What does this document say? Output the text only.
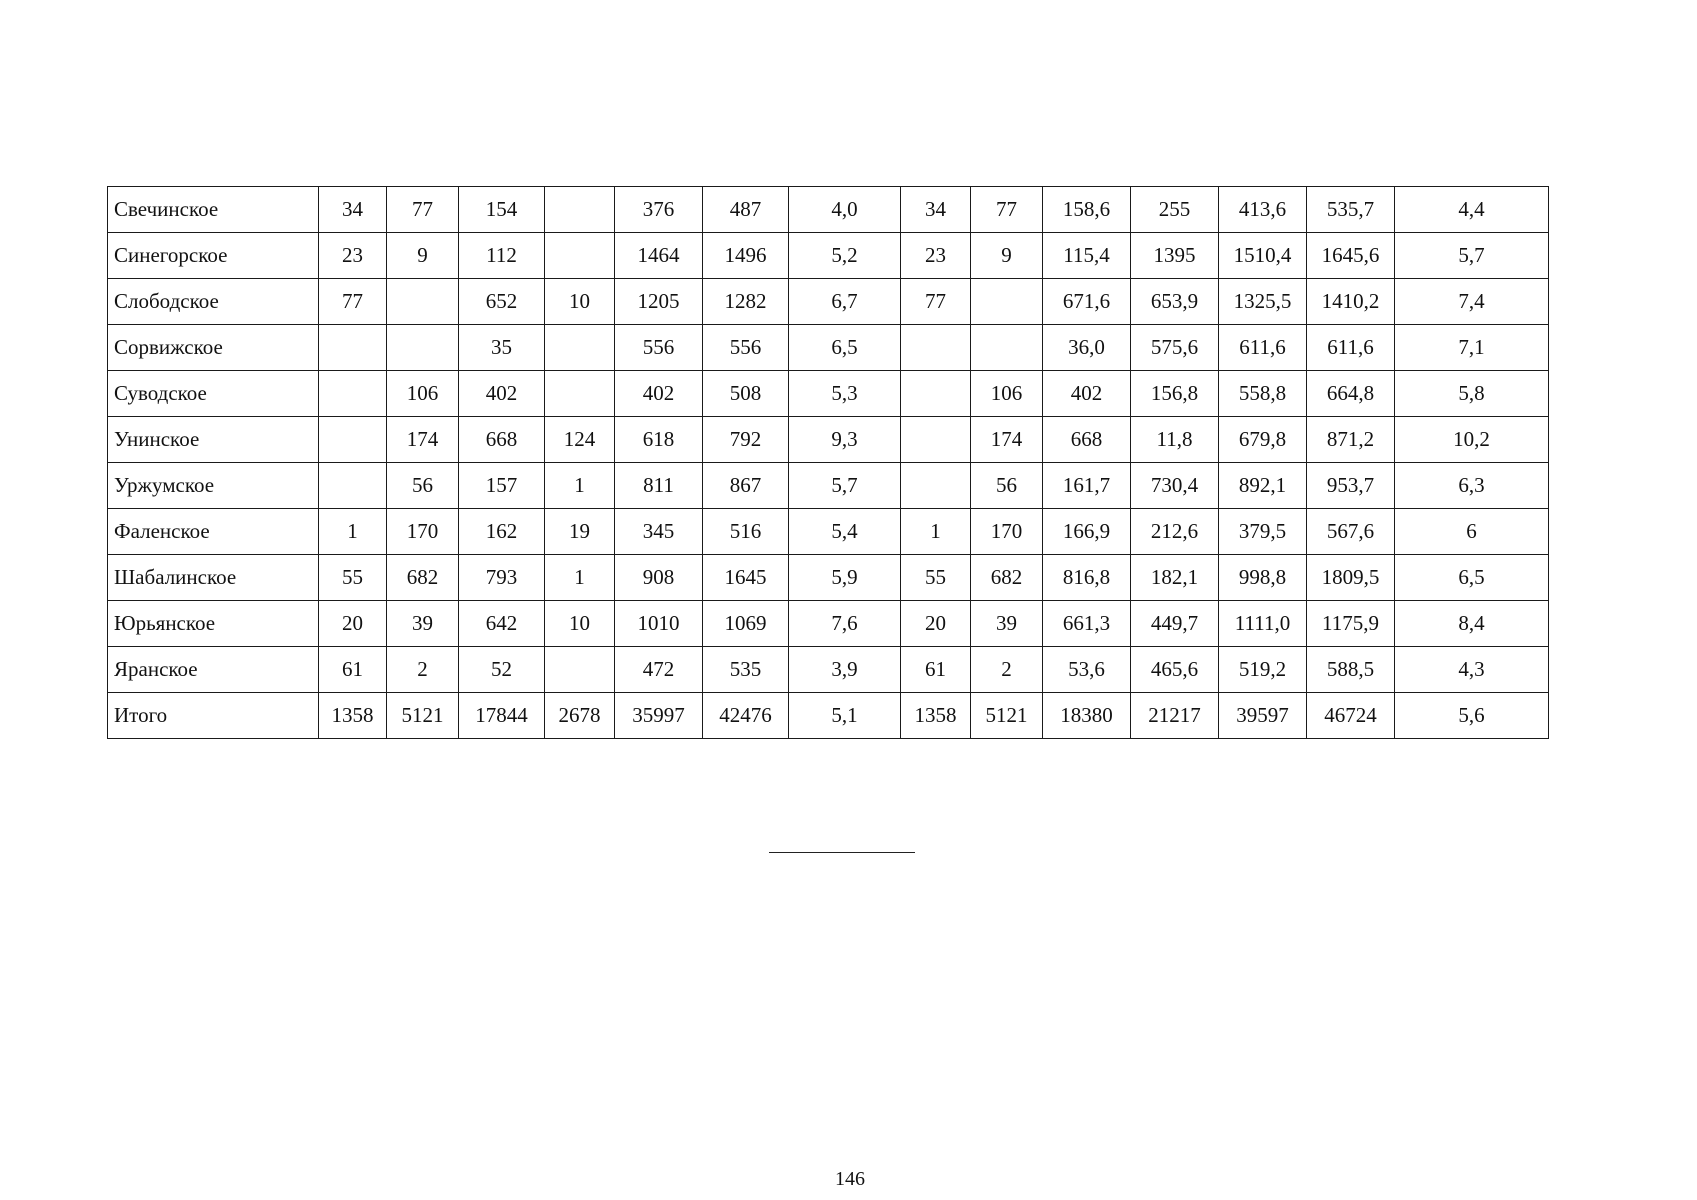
Свечинское	34	77	154		376	487	4,0	34	77	158,6	255	413,6	535,7	4,4
Синегорское	23	9	112		1464	1496	5,2	23	9	115,4	1395	1510,4	1645,6	5,7
Слободское	77		652	10	1205	1282	6,7	77		671,6	653,9	1325,5	1410,2	7,4
Сорвижское			35		556	556	6,5			36,0	575,6	611,6	611,6	7,1
Суводское		106	402		402	508	5,3		106	402	156,8	558,8	664,8	5,8
Унинское		174	668	124	618	792	9,3		174	668	11,8	679,8	871,2	10,2
Уржумское		56	157	1	811	867	5,7		56	161,7	730,4	892,1	953,7	6,3
Фаленское	1	170	162	19	345	516	5,4	1	170	166,9	212,6	379,5	567,6	6
Шабалинское	55	682	793	1	908	1645	5,9	55	682	816,8	182,1	998,8	1809,5	6,5
Юрьянское	20	39	642	10	1010	1069	7,6	20	39	661,3	449,7	1111,0	1175,9	8,4
Яранское	61	2	52		472	535	3,9	61	2	53,6	465,6	519,2	588,5	4,3
Итого	1358	5121	17844	2678	35997	42476	5,1	1358	5121	18380	21217	39597	46724	5,6
146
